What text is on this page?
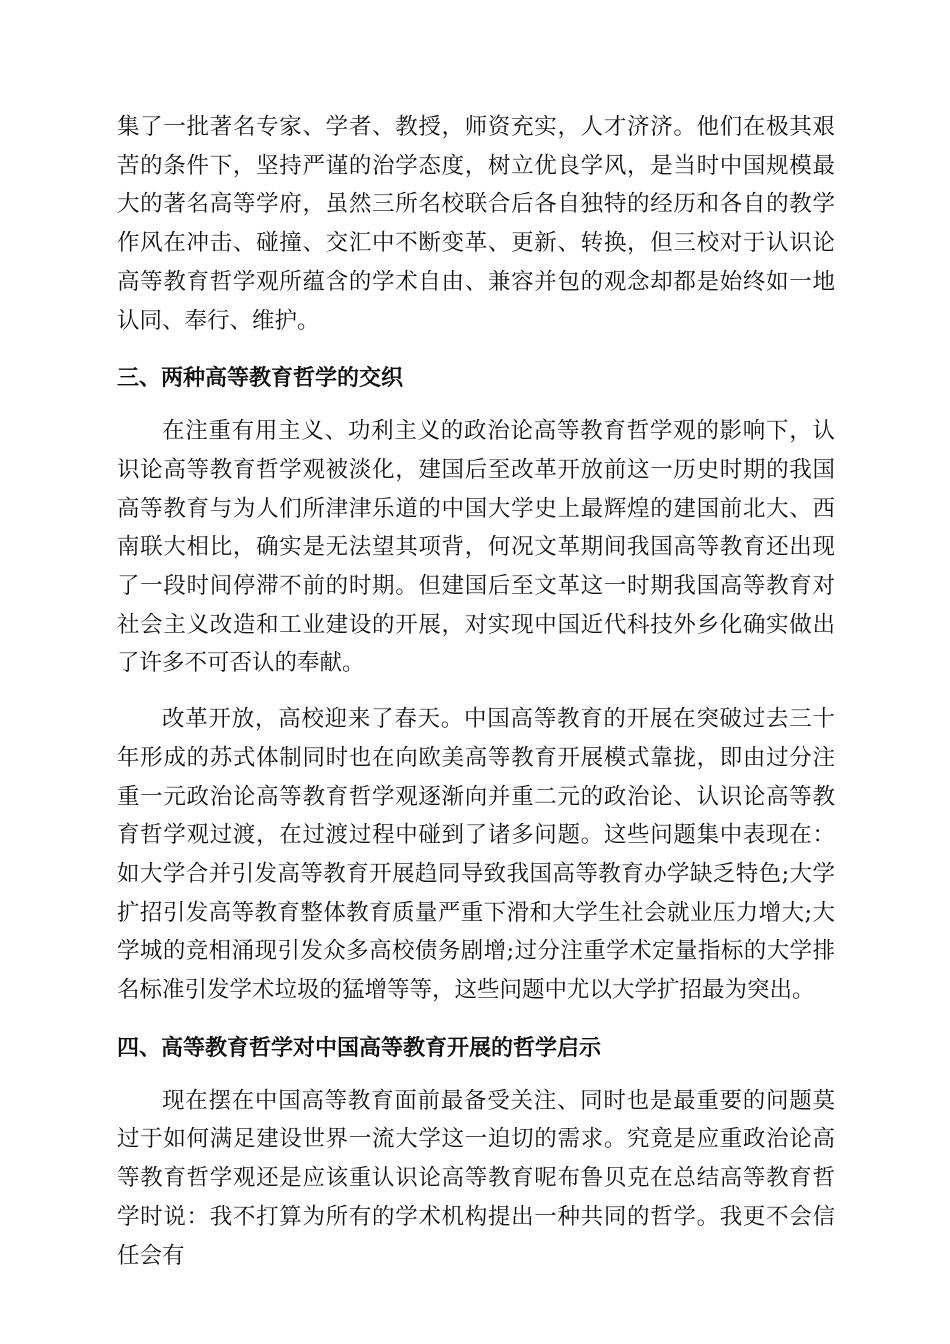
集了一批著名专家、学者、教授，师资充实，人才济济。他们在极其艰苦的条件下，坚持严谨的治学态度，树立优良学风，是当时中国规模最大的著名高等学府，虽然三所名校联合后各自独特的经历和各自的教学作风在冲击、碰撞、交汇中不断变革、更新、转换，但三校对于认识论高等教育哲学观所蕴含的学术自由、兼容并包的观念却都是始终如一地认同、奉行、维护。

三、两种高等教育哲学的交织

在注重有用主义、功利主义的政治论高等教育哲学观的影响下，认识论高等教育哲学观被淡化，建国后至改革开放前这一历史时期的我国高等教育与为人们所津津乐道的中国大学史上最辉煌的建国前北大、西南联大相比，确实是无法望其项背，何况文革期间我国高等教育还出现了一段时间停滞不前的时期。但建国后至文革这一时期我国高等教育对社会主义改造和工业建设的开展，对实现中国近代科技外乡化确实做出了许多不可否认的奉献。

改革开放，高校迎来了春天。中国高等教育的开展在突破过去三十年形成的苏式体制同时也在向欧美高等教育开展模式靠拢，即由过分注重一元政治论高等教育哲学观逐渐向并重二元的政治论、认识论高等教育哲学观过渡，在过渡过程中碰到了诸多问题。这些问题集中表现在：如大学合并引发高等教育开展趋同导致我国高等教育办学缺乏特色;大学扩招引发高等教育整体教育质量严重下滑和大学生社会就业压力增大;大学城的竞相涌现引发众多高校债务剧增;过分注重学术定量指标的大学排名标准引发学术垃圾的猛增等等，这些问题中尤以大学扩招最为突出。

四、高等教育哲学对中国高等教育开展的哲学启示

现在摆在中国高等教育面前最备受关注、同时也是最重要的问题莫过于如何满足建设世界一流大学这一迫切的需求。究竟是应重政治论高等教育哲学观还是应该重认识论高等教育呢布鲁贝克在总结高等教育哲学时说：我不打算为所有的学术机构提出一种共同的哲学。我更不会信任会有
